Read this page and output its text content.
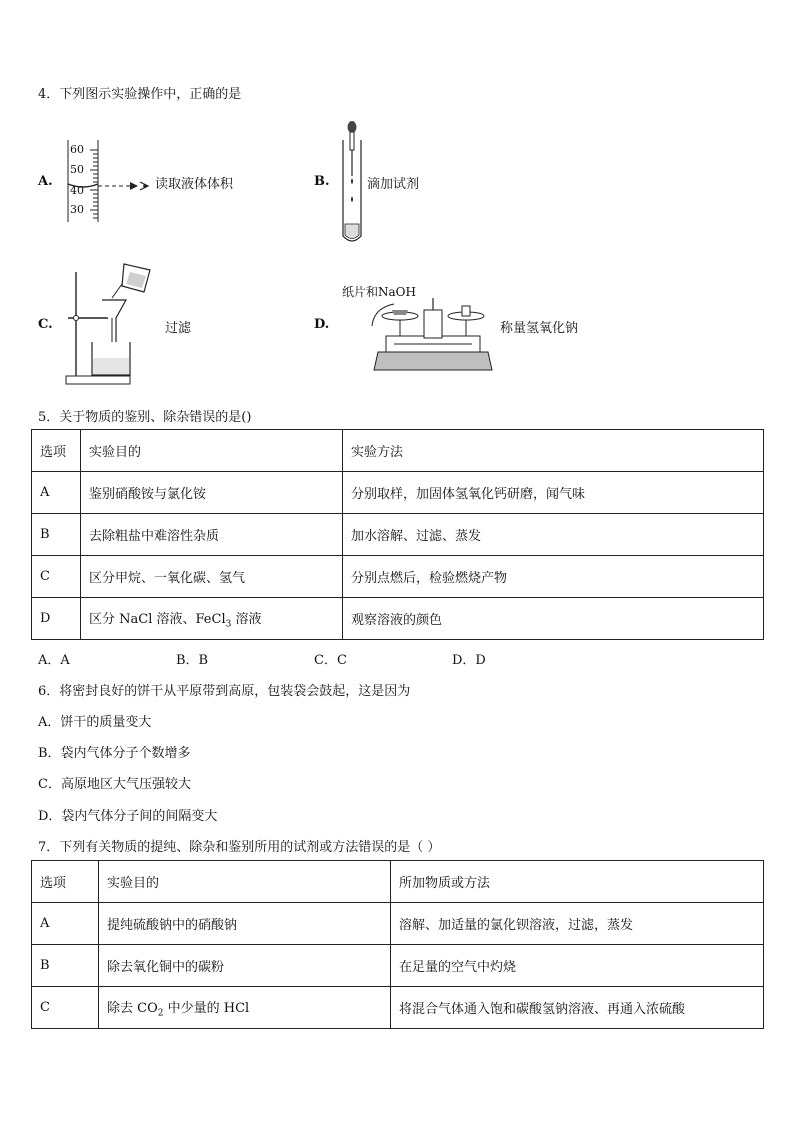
4．下列图示实验操作中，正确的是
A.
60
50
40
30
读取液体体积	B.	滴加试剂
C.	过滤	D.
纸片和NaOH
称量氢氧化钠
5．关于物质的鉴别、除杂错误的是()
选项	实验目的	实验方法
A	鉴别硝酸铵与氯化铵	分别取样，加固体氢氧化钙研磨，闻气味
B	去除粗盐中难溶性杂质	加水溶解、过滤、蒸发
C	区分甲烷、一氧化碳、氢气	分别点燃后，检验燃烧产物
D	区分 NaCl 溶液、FeCl$_3$ 溶液	观察溶液的颜色
A．A	B．B	C．C	D．D
6．将密封良好的饼干从平原带到高原，包装袋会鼓起，这是因为
A．饼干的质量变大
B．袋内气体分子个数增多
C．高原地区大气压强较大
D．袋内气体分子间的间隔变大
7．下列有关物质的提纯、除杂和鉴别所用的试剂或方法错误的是（ ）
选项	实验目的	所加物质或方法
A	提纯硫酸钠中的硝酸钠	溶解、加适量的氯化钡溶液，过滤，蒸发
B	除去氧化铜中的碳粉	在足量的空气中灼烧
C	除去 $CO_2$ 中少量的 HCl	将混合气体通入饱和碳酸氢钠溶液、再通入浓硫酸
